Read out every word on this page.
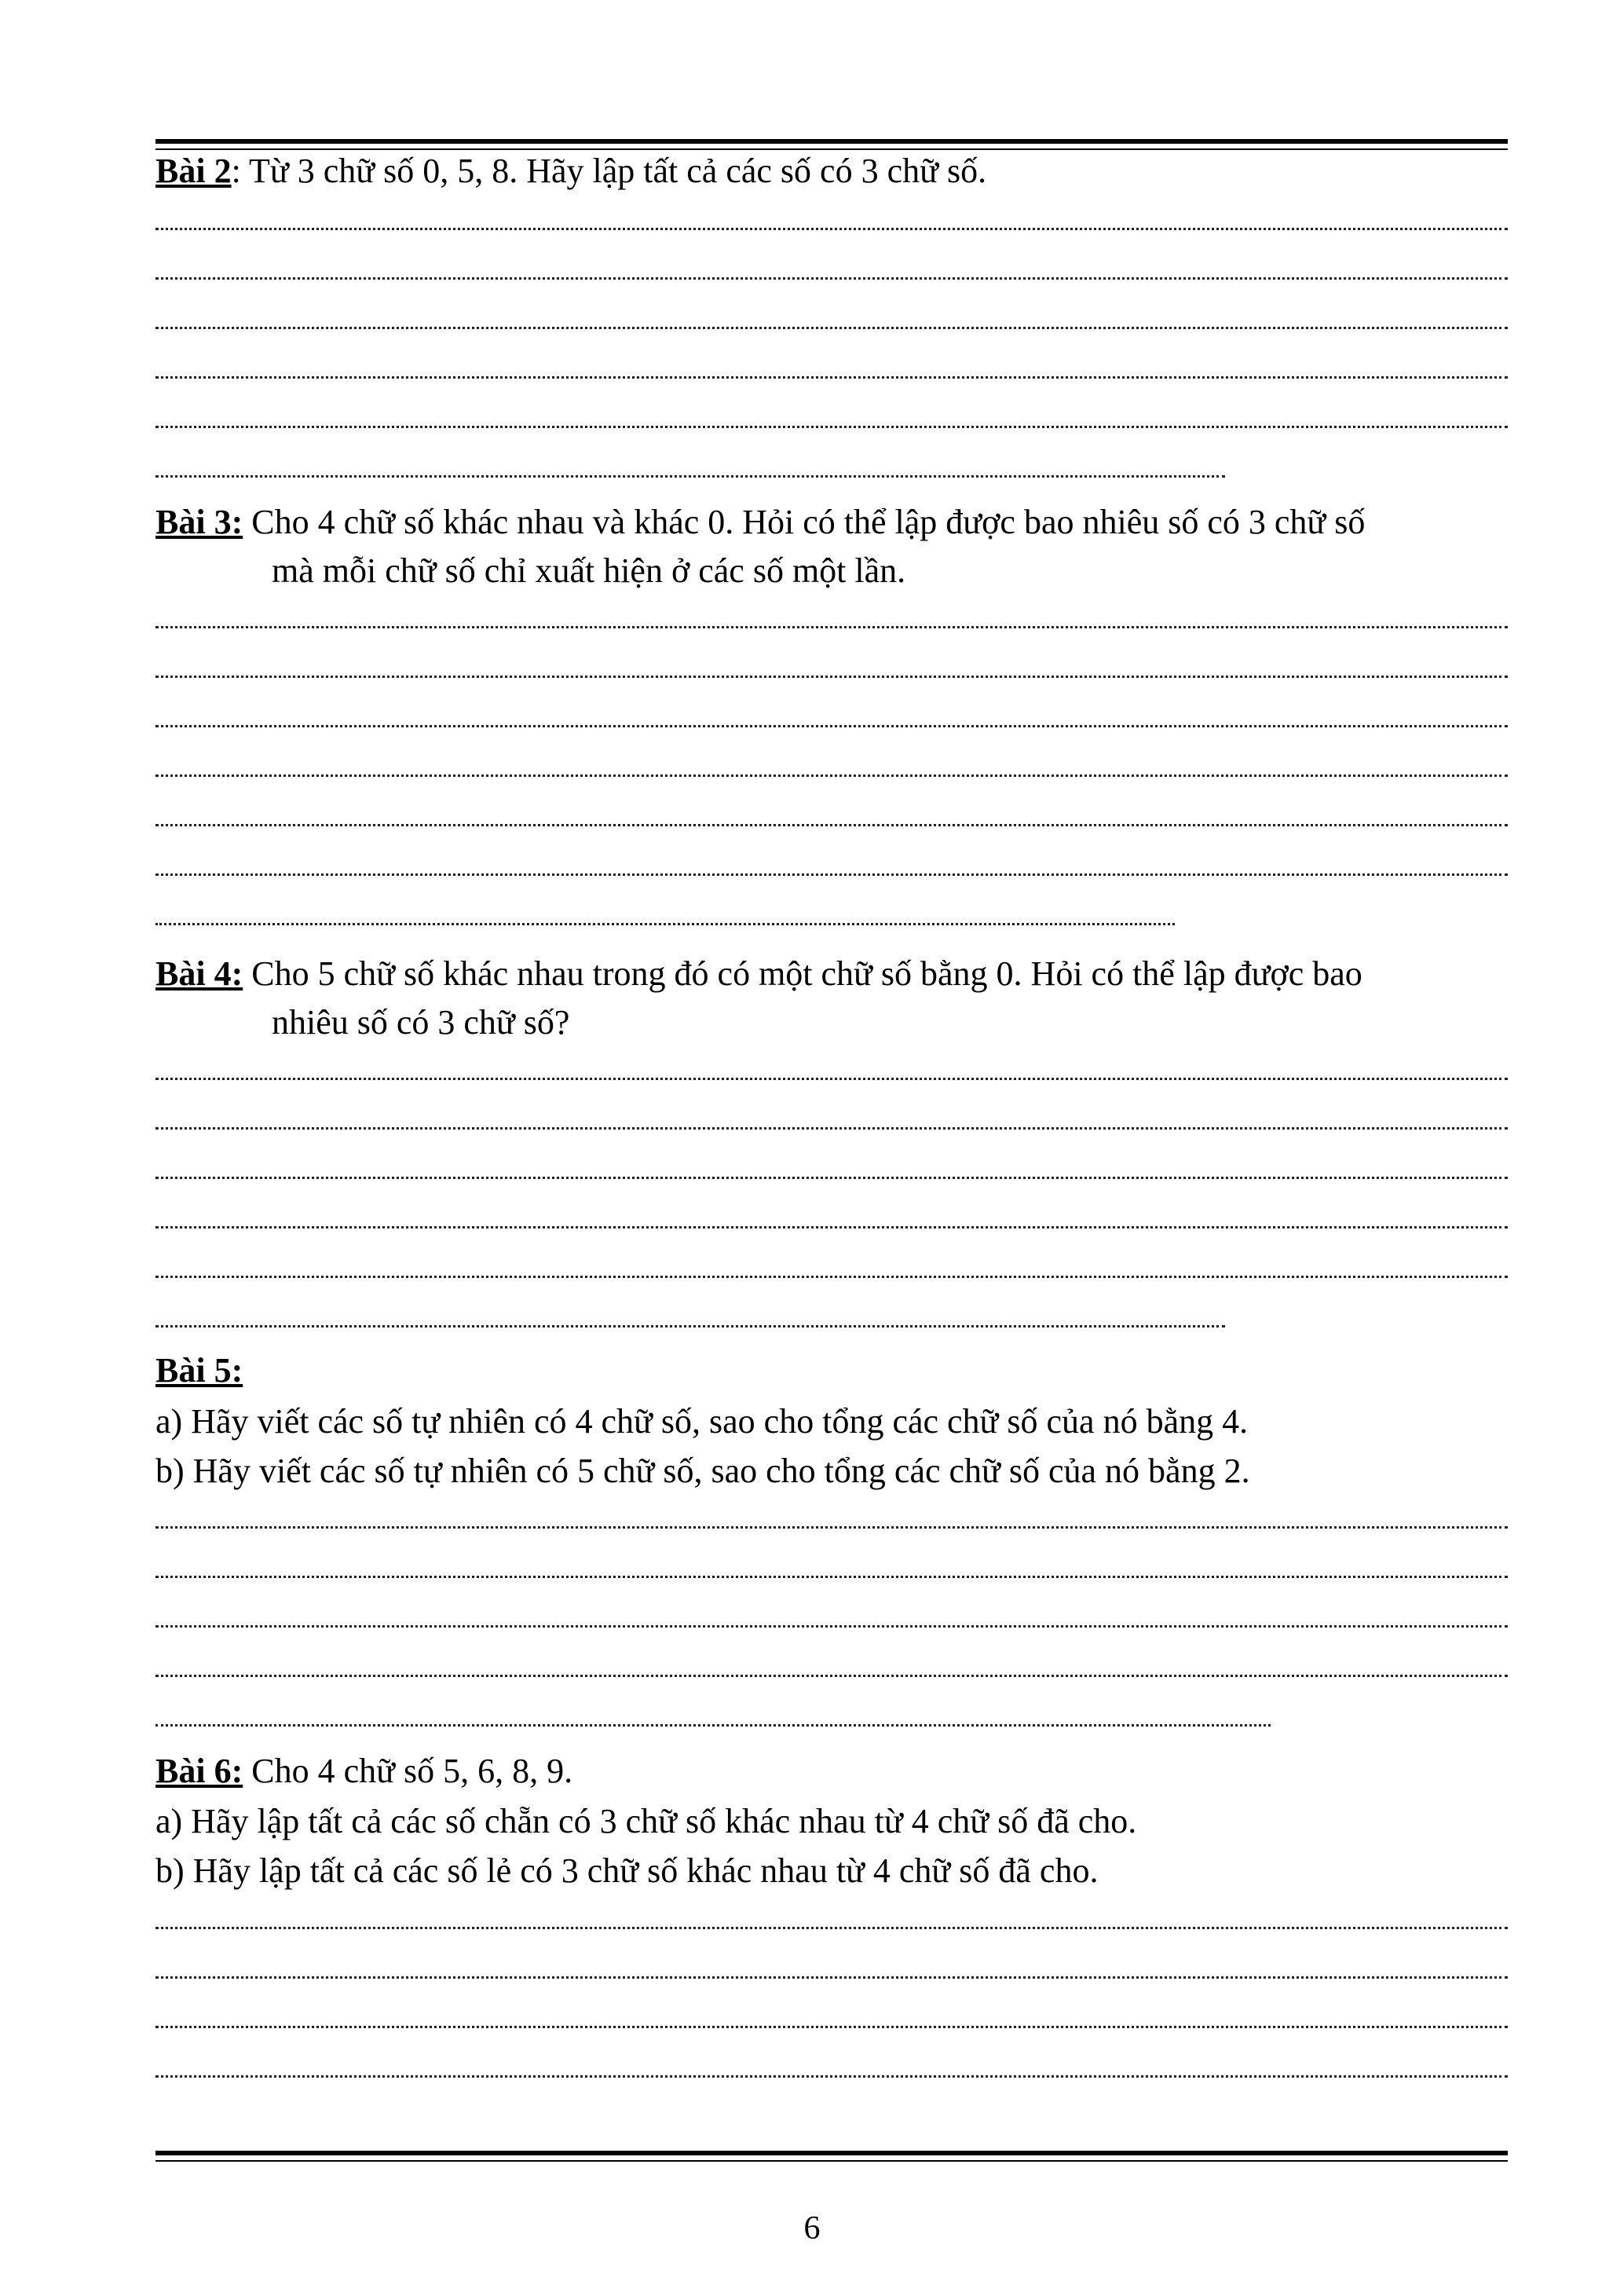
Bài 2: Từ 3 chữ số 0, 5, 8. Hãy lập tất cả các số có 3 chữ số.
Bài 3: Cho 4 chữ số khác nhau và khác 0. Hỏi có thể lập được bao nhiêu số có 3 chữ số
mà mỗi chữ số chỉ xuất hiện ở các số một lần.
Bài 4: Cho 5 chữ số khác nhau trong đó có một chữ số bằng 0. Hỏi có thể lập được bao
nhiêu số có 3 chữ số?
Bài 5:
a) Hãy viết các số tự nhiên có 4 chữ số, sao cho tổng các chữ số của nó bằng 4.
b) Hãy viết các số tự nhiên có 5 chữ số, sao cho tổng các chữ số của nó bằng 2.
Bài 6: Cho 4 chữ số 5, 6, 8, 9.
a) Hãy lập tất cả các số chẵn có 3 chữ số khác nhau từ 4 chữ số đã cho.
b) Hãy lập tất cả các số lẻ có 3 chữ số khác nhau từ 4 chữ số đã cho.
6
